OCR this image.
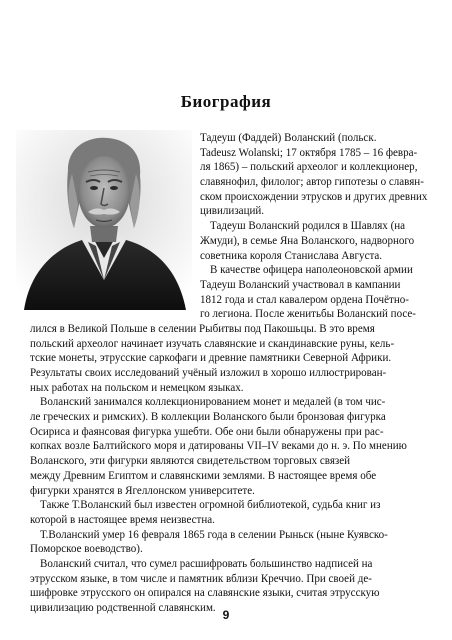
Биография
Тадеуш (Фаддей) Воланский (польск.
Tadeusz Wolanski; 17 октября 1785 – 16 февра-
ля 1865) – польский археолог и коллекционер,
славянофил, филолог; автор гипотезы о славян-
ском происхождении этрусков и других древних
цивилизаций.
Тадеуш Воланский родился в Шавлях (на
Жмуди), в семье Яна Воланского, надворного
советника короля Станислава Августа.
В качестве офицера наполеоновской армии
Тадеуш Воланский участвовал в кампании
1812 года и стал кавалером ордена Почётно-
го легиона. После женитьбы Воланский посе-
лился в Великой Польше в селении Рыбитвы под Пакошьцы. В это время
польский археолог начинает изучать славянские и скандинавские руны, кель-
тские монеты, этрусские саркофаги и древние памятники Северной Африки.
Результаты своих исследований учёный изложил в хорошо иллюстрирован-
ных работах на польском и немецком языках.
Воланский занимался коллекционированием монет и медалей (в том чис-
ле греческих и римских). В коллекции Воланского были бронзовая фигурка
Осириса и фаянсовая фигурка ушебти. Обе они были обнаружены при рас-
копках возле Балтийского моря и датированы VII–IV веками до н. э. По мнению
Воланского, эти фигурки являются свидетельством торговых связей
между Древним Египтом и славянскими землями. В настоящее время обе
фигурки хранятся в Ягеллонском университете.
Также Т.Воланский был известен огромной библиотекой, судьба книг из
которой в настоящее время неизвестна.
Т.Воланский умер 16 февраля 1865 года в селении Рыньск (ныне Куявско-
Поморское воеводство).
Воланский считал, что сумел расшифровать большинство надписей на
этрусском языке, в том числе и памятник вблизи Креччио. При своей де-
шифровке этрусского он опирался на славянские языки, считая этрусскую
цивилизацию родственной славянским. 9
